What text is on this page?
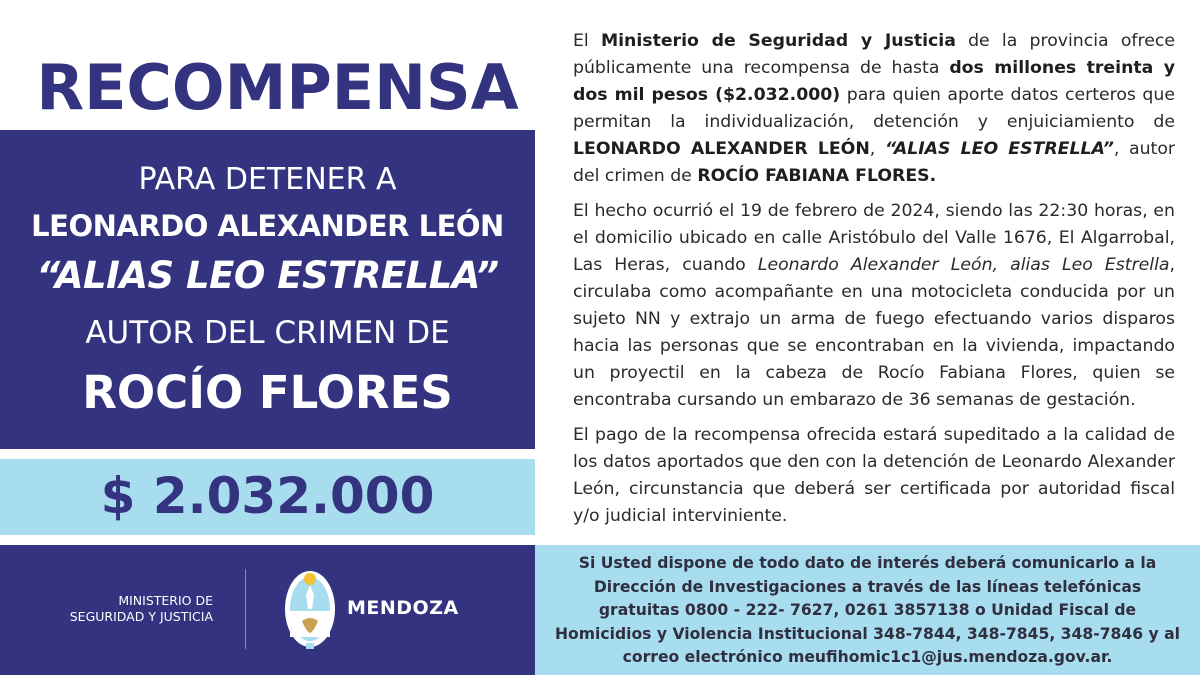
RECOMPENSA
PARA DETENER A
LEONARDO ALEXANDER LEÓN
“ALIAS LEO ESTRELLA”
AUTOR DEL CRIMEN DE
ROCÍO FLORES
$ 2.032.000
MINISTERIO DE
SEGURIDAD Y JUSTICIA	MENDOZA

El Ministerio de Seguridad y Justicia de la provincia ofrece públicamente una recompensa de hasta dos millones treinta y dos mil pesos ($2.032.000) para quien aporte datos certeros que permitan la individualización, detención y enjuiciamiento de LEONARDO ALEXANDER LEÓN, “ALIAS LEO ESTRELLA”, autor del crimen de ROCÍO FABIANA FLORES.

El hecho ocurrió el 19 de febrero de 2024, siendo las 22:30 horas, en el domicilio ubicado en calle Aristóbulo del Valle 1676, El Algarrobal, Las Heras, cuando Leonardo Alexander León, alias Leo Estrella, circulaba como acompañante en una motocicleta conducida por un sujeto NN y extrajo un arma de fuego efectuando varios disparos hacia las personas que se encontraban en la vivienda, impactando un proyectil en la cabeza de Rocío Fabiana Flores, quien se encontraba cursando un embarazo de 36 semanas de gestación.

El pago de la recompensa ofrecida estará supeditado a la calidad de los datos aportados que den con la detención de Leonardo Alexander León, circunstancia que deberá ser certificada por autoridad fiscal y/o judicial interviniente.

Si Usted dispone de todo dato de interés deberá comunicarlo a la Dirección de Investigaciones a través de las líneas telefónicas gratuitas 0800 - 222- 7627, 0261 3857138 o Unidad Fiscal de Homicidios y Violencia Institucional 348-7844, 348-7845, 348-7846 y al correo electrónico meufihomic1c1@jus.mendoza.gov.ar.
